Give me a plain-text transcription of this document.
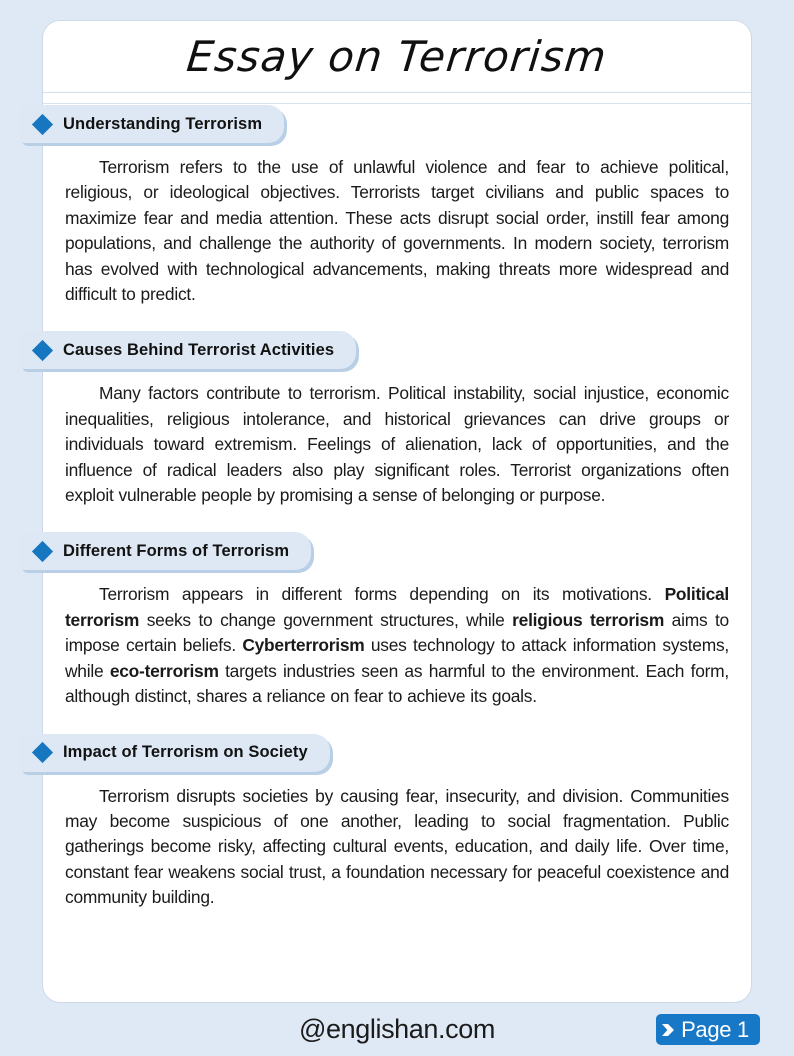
Essay on Terrorism
Understanding Terrorism

Terrorism refers to the use of unlawful violence and fear to achieve political, religious, or ideological objectives. Terrorists target civilians and public spaces to maximize fear and media attention. These acts disrupt social order, instill fear among populations, and challenge the authority of governments. In modern society, terrorism has evolved with technological advancements, making threats more widespread and difficult to predict.

Causes Behind Terrorist Activities

Many factors contribute to terrorism. Political instability, social injustice, economic inequalities, religious intolerance, and historical grievances can drive groups or individuals toward extremism. Feelings of alienation, lack of opportunities, and the influence of radical leaders also play significant roles. Terrorist organizations often exploit vulnerable people by promising a sense of belonging or purpose.

Different Forms of Terrorism

Terrorism appears in different forms depending on its motivations. Political terrorism seeks to change government structures, while religious terrorism aims to impose certain beliefs. Cyberterrorism uses technology to attack information systems, while eco-terrorism targets industries seen as harmful to the environment. Each form, although distinct, shares a reliance on fear to achieve its goals.

Impact of Terrorism on Society

Terrorism disrupts societies by causing fear, insecurity, and division. Communities may become suspicious of one another, leading to social fragmentation. Public gatherings become risky, affecting cultural events, education, and daily life. Over time, constant fear weakens social trust, a foundation necessary for peaceful coexistence and community building.

@englishan.com	Page 1
